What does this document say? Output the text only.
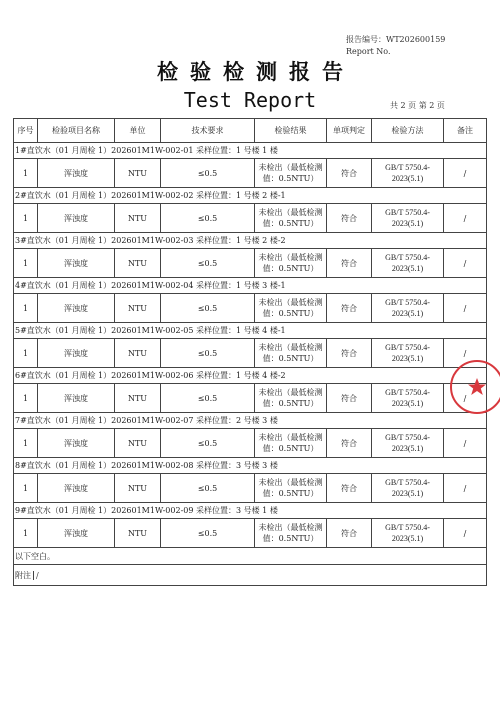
报告编号：WT202600159
Report No.
检验检测报告
Test Report	共 2 页 第 2 页
序号	检验项目名称	单位	技术要求	检验结果	单项判定	检验方法	备注
1#直饮水（01 月周检 1）202601M1W-002-01 采样位置：1 号楼 1 楼							
1	浑浊度	NTU	≤0.5	未检出（最低检测值：0.5NTU）	符合	GB/T 5750.4-2023(5.1)	/
2#直饮水（01 月周检 1）202601M1W-002-02 采样位置：1 号楼 2 楼-1							
1	浑浊度	NTU	≤0.5	未检出（最低检测值：0.5NTU）	符合	GB/T 5750.4-2023(5.1)	/
3#直饮水（01 月周检 1）202601M1W-002-03 采样位置：1 号楼 2 楼-2							
1	浑浊度	NTU	≤0.5	未检出（最低检测值：0.5NTU）	符合	GB/T 5750.4-2023(5.1)	/
4#直饮水（01 月周检 1）202601M1W-002-04 采样位置：1 号楼 3 楼-1							
1	浑浊度	NTU	≤0.5	未检出（最低检测值：0.5NTU）	符合	GB/T 5750.4-2023(5.1)	/
5#直饮水（01 月周检 1）202601M1W-002-05 采样位置：1 号楼 4 楼-1							
1	浑浊度	NTU	≤0.5	未检出（最低检测值：0.5NTU）	符合	GB/T 5750.4-2023(5.1)	/
6#直饮水（01 月周检 1）202601M1W-002-06 采样位置：1 号楼 4 楼-2							
1	浑浊度	NTU	≤0.5	未检出（最低检测值：0.5NTU）	符合	GB/T 5750.4-2023(5.1)	/
7#直饮水（01 月周检 1）202601M1W-002-07 采样位置：2 号楼 3 楼							
1	浑浊度	NTU	≤0.5	未检出（最低检测值：0.5NTU）	符合	GB/T 5750.4-2023(5.1)	/
8#直饮水（01 月周检 1）202601M1W-002-08 采样位置：3 号楼 3 楼							
1	浑浊度	NTU	≤0.5	未检出（最低检测值：0.5NTU）	符合	GB/T 5750.4-2023(5.1)	/
9#直饮水（01 月周检 1）202601M1W-002-09 采样位置：3 号楼 1 楼							
1	浑浊度	NTU	≤0.5	未检出（最低检测值：0.5NTU）	符合	GB/T 5750.4-2023(5.1)	/
以下空白。							
附注 /							
